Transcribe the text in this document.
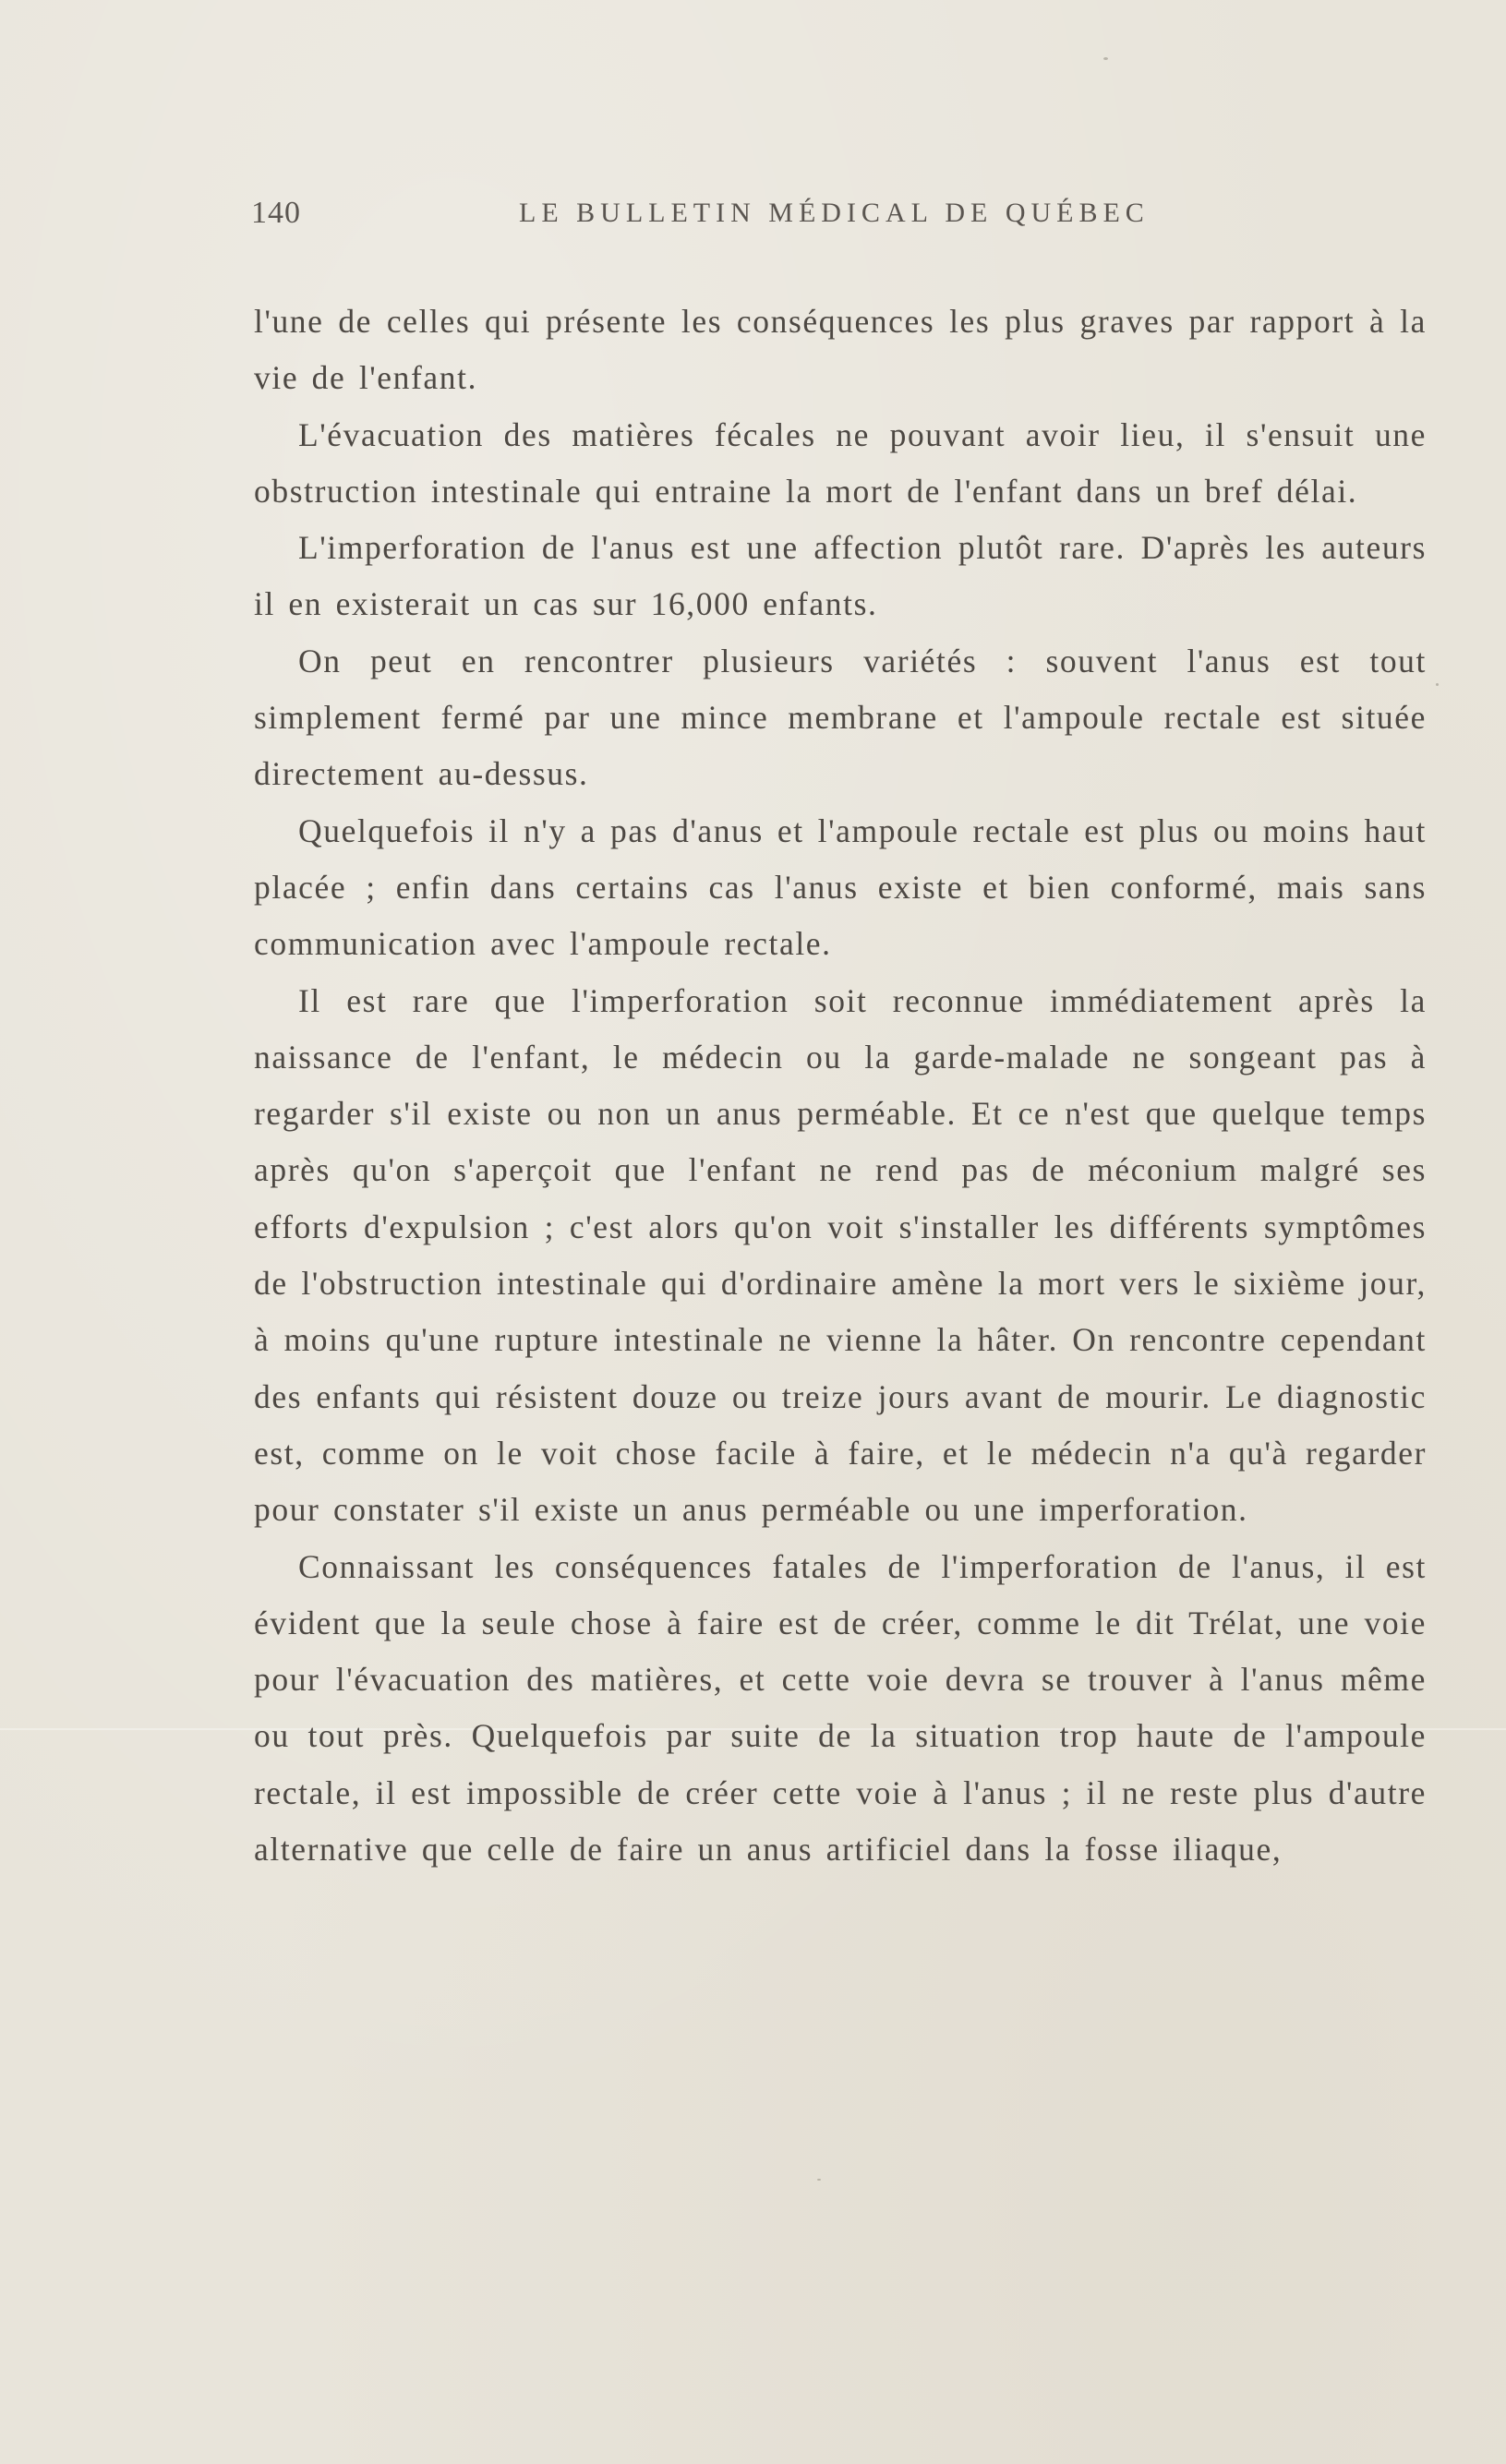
140	LE BULLETIN MÉDICAL DE QUÉBEC

l'une de celles qui présente les conséquences les plus graves par rapport à la vie de l'enfant.

L'évacuation des matières fécales ne pouvant avoir lieu, il s'ensuit une obstruction intestinale qui entraine la mort de l'enfant dans un bref délai.

L'imperforation de l'anus est une affection plutôt rare. D'après les auteurs il en existerait un cas sur 16,000 enfants.

On peut en rencontrer plusieurs variétés : souvent l'anus est tout simplement fermé par une mince membrane et l'ampoule rectale est située directement au-dessus.

Quelquefois il n'y a pas d'anus et l'ampoule rectale est plus ou moins haut placée ; enfin dans certains cas l'anus existe et bien conformé, mais sans communication avec l'ampoule rectale.

Il est rare que l'imperforation soit reconnue immédiatement après la naissance de l'enfant, le médecin ou la garde-malade ne songeant pas à regarder s'il existe ou non un anus perméable. Et ce n'est que quelque temps après qu'on s'aperçoit que l'enfant ne rend pas de méconium malgré ses efforts d'expulsion ; c'est alors qu'on voit s'installer les différents symptômes de l'obstruction intestinale qui d'ordinaire amène la mort vers le sixième jour, à moins qu'une rupture intestinale ne vienne la hâter. On rencontre cependant des enfants qui résistent douze ou treize jours avant de mourir. Le diagnostic est, comme on le voit chose facile à faire, et le médecin n'a qu'à regarder pour constater s'il existe un anus perméable ou une imperforation.

Connaissant les conséquences fatales de l'imperforation de l'anus, il est évident que la seule chose à faire est de créer, comme le dit Trélat, une voie pour l'évacuation des matières, et cette voie devra se trouver à l'anus même ou tout près. Quelquefois par suite de la situation trop haute de l'ampoule rectale, il est impossible de créer cette voie à l'anus ; il ne reste plus d'autre alternative que celle de faire un anus artificiel dans la fosse iliaque,
